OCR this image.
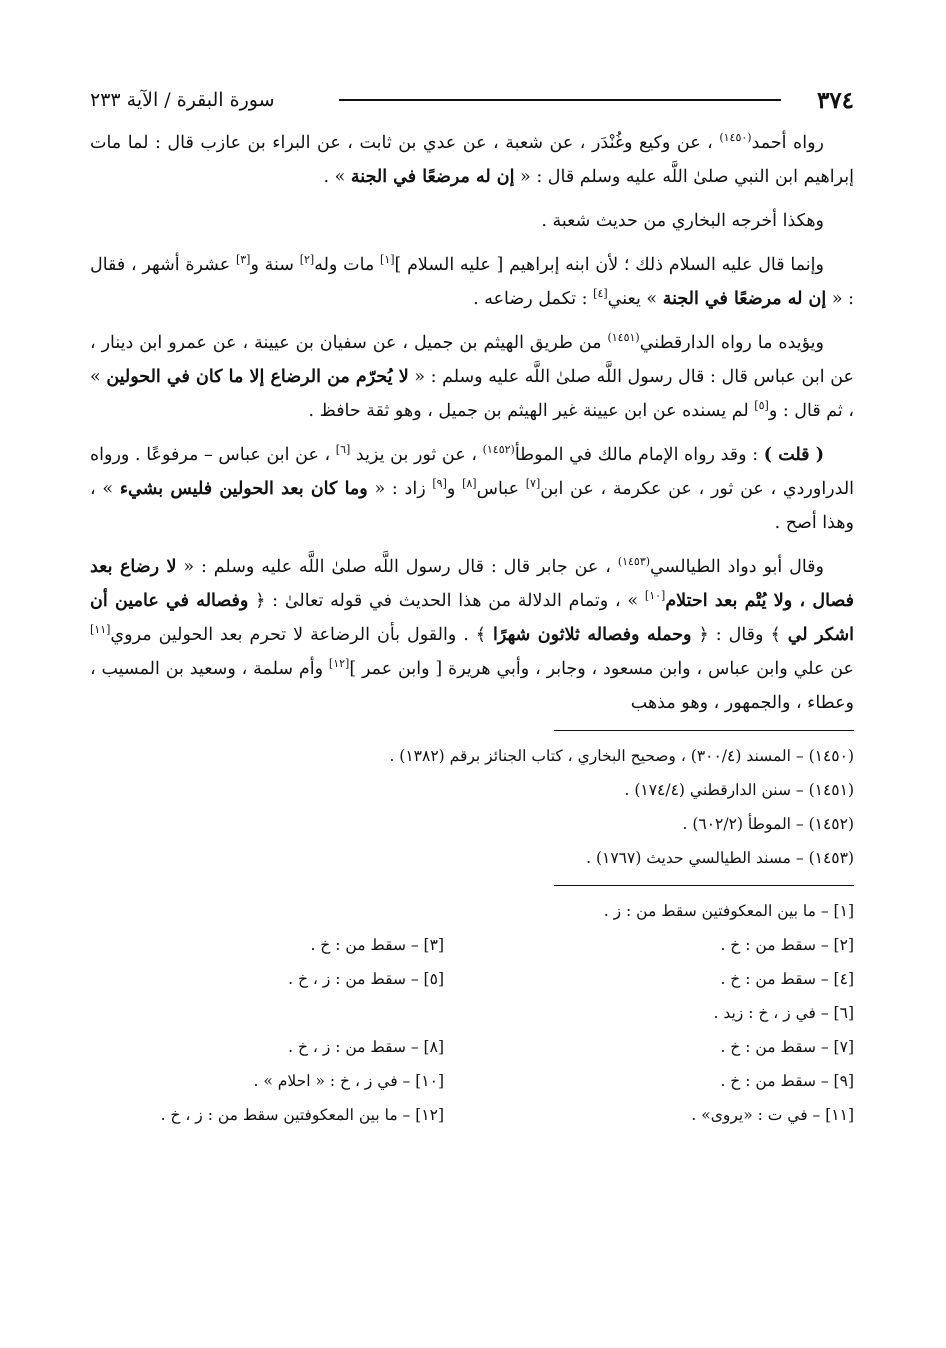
٣٧٤
سورة البقرة / الآية ٢٣٣

رواه أحمد$^{(١٤٥٠)}$ ، عن وكيع وغُنْدَر ، عن شعبة ، عن عدي بن ثابت ، عن البراء بن عازب قال : لما مات إبراهيم ابن النبي صلىٰ اللَّه عليه وسلم قال : « إن له مرضعًا في الجنة » .

وهكذا أخرجه البخاري من حديث شعبة .

وإنما قال عليه السلام ذلك ؛ لأن ابنه إبراهيم [ عليه السلام ][١] مات وله[٢] سنة و[٣] عشرة أشهر ، فقال : « إن له مرضعًا في الجنة » يعني[٤] : تكمل رضاعه .

ويؤيده ما رواه الدارقطني$^{(١٤٥١)}$ من طريق الهيثم بن جميل ، عن سفيان بن عيينة ، عن عمرو ابن دينار ، عن ابن عباس قال : قال رسول اللَّه صلىٰ اللَّه عليه وسلم : « لا يُحرّم من الرضاع إلا ما كان في الحولين » ، ثم قال : و[٥] لم يسنده عن ابن عيينة غير الهيثم بن جميل ، وهو ثقة حافظ .

( قلت ) : وقد رواه الإمام مالك في الموطأ$^{(١٤٥٢)}$ ، عن ثور بن يزيد [٦] ، عن ابن عباس – مرفوعًا . ورواه الدراوردي ، عن ثور ، عن عكرمة ، عن ابن[٧] عباس[٨] و[٩] زاد : « وما كان بعد الحولين فليس بشيء » ، وهذا أصح .

وقال أبو دواد الطيالسي$^{(١٤٥٣)}$ ، عن جابر قال : قال رسول اللَّه صلىٰ اللَّه عليه وسلم : « لا رضاع بعد فصال ، ولا يُتْم بعد احتلام[١٠] » ، وتمام الدلالة من هذا الحديث في قوله تعالىٰ : ﴿ وفصاله في عامين أن اشكر لي ﴾ وقال : ﴿ وحمله وفصاله ثلاثون شهرًا ﴾ . والقول بأن الرضاعة لا تحرم بعد الحولين مروي[١١] عن علي وابن عباس ، وابن مسعود ، وجابر ، وأبي هريرة [ وابن عمر ][١٢] وأم سلمة ، وسعيد بن المسيب ، وعطاء ، والجمهور ، وهو مذهب

(١٤٥٠) – المسند (٣٠٠/٤) ، وصحيح البخاري ، كتاب الجنائز برقم (١٣٨٢) .
(١٤٥١) – سنن الدارقطني (١٧٤/٤) .
(١٤٥٢) – الموطأ (٦٠٢/٢) .
(١٤٥٣) – مسند الطيالسي حديث (١٧٦٧) .
[١] – ما بين المعكوفتين سقط من : ز .
[٢] – سقط من : خ .
[٣] – سقط من : خ .
[٤] – سقط من : خ .
[٥] – سقط من : ز ، خ .
[٦] – في ز ، خ : زيد .
[٧] – سقط من : خ .
[٨] – سقط من : ز ، خ .
[٩] – سقط من : خ .
[١٠] – في ز ، خ : « احلام » .
[١١] – في ت : «يروى» .
[١٢] – ما بين المعكوفتين سقط من : ز ، خ .
